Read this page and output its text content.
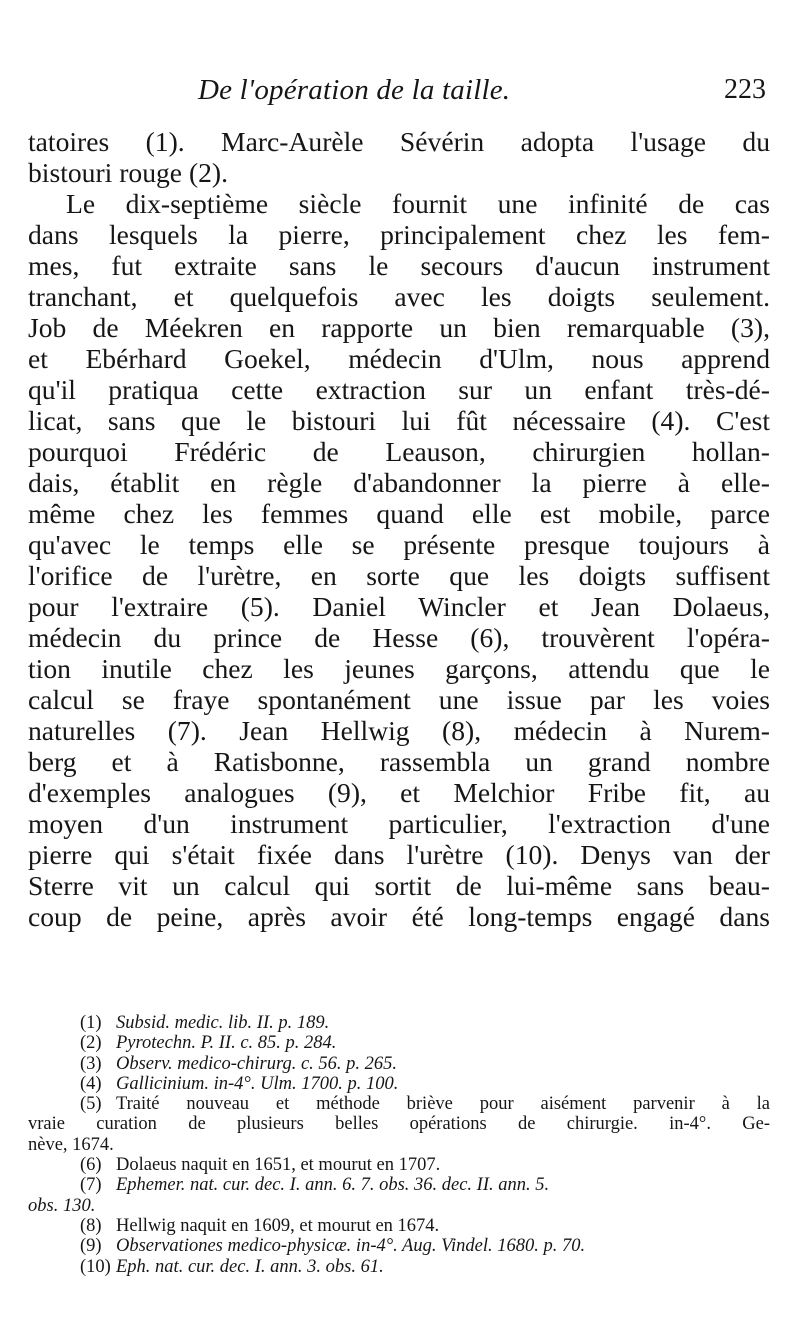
De l'opération de la taille.	223
tatoires (1). Marc-Aurèle Sévérin adopta l'usage du
bistouri rouge (2).
Le dix-septième siècle fournit une infinité de cas
dans lesquels la pierre, principalement chez les fem-
mes, fut extraite sans le secours d'aucun instrument
tranchant, et quelquefois avec les doigts seulement.
Job de Méekren en rapporte un bien remarquable (3),
et Ebérhard Goekel, médecin d'Ulm, nous apprend
qu'il pratiqua cette extraction sur un enfant très-dé-
licat, sans que le bistouri lui fût nécessaire (4). C'est
pourquoi Frédéric de Leauson, chirurgien hollan-
dais, établit en règle d'abandonner la pierre à elle-
même chez les femmes quand elle est mobile, parce
qu'avec le temps elle se présente presque toujours à
l'orifice de l'urètre, en sorte que les doigts suffisent
pour l'extraire (5). Daniel Wincler et Jean Dolaeus,
médecin du prince de Hesse (6), trouvèrent l'opéra-
tion inutile chez les jeunes garçons, attendu que le
calcul se fraye spontanément une issue par les voies
naturelles (7). Jean Hellwig (8), médecin à Nurem-
berg et à Ratisbonne, rassembla un grand nombre
d'exemples analogues (9), et Melchior Fribe fit, au
moyen d'un instrument particulier, l'extraction d'une
pierre qui s'était fixée dans l'urètre (10). Denys van der
Sterre vit un calcul qui sortit de lui-même sans beau-
coup de peine, après avoir été long-temps engagé dans
(1) Subsid. medic. lib. II. p. 189.
(2) Pyrotechn. P. II. c. 85. p. 284.
(3) Observ. medico-chirurg. c. 56. p. 265.
(4) Gallicinium. in-4°. Ulm. 1700. p. 100.
(5) Traité nouveau et méthode briève pour aisément parvenir à la
vraie curation de plusieurs belles opérations de chirurgie. in-4°. Ge-
nève, 1674.
(6) Dolaeus naquit en 1651, et mourut en 1707.
(7) Ephemer. nat. cur. dec. I. ann. 6. 7. obs. 36. dec. II. ann. 5.
obs. 130.
(8) Hellwig naquit en 1609, et mourut en 1674.
(9) Observationes medico-physicæ. in-4°. Aug. Vindel. 1680. p. 70.
(10) Eph. nat. cur. dec. I. ann. 3. obs. 61.
